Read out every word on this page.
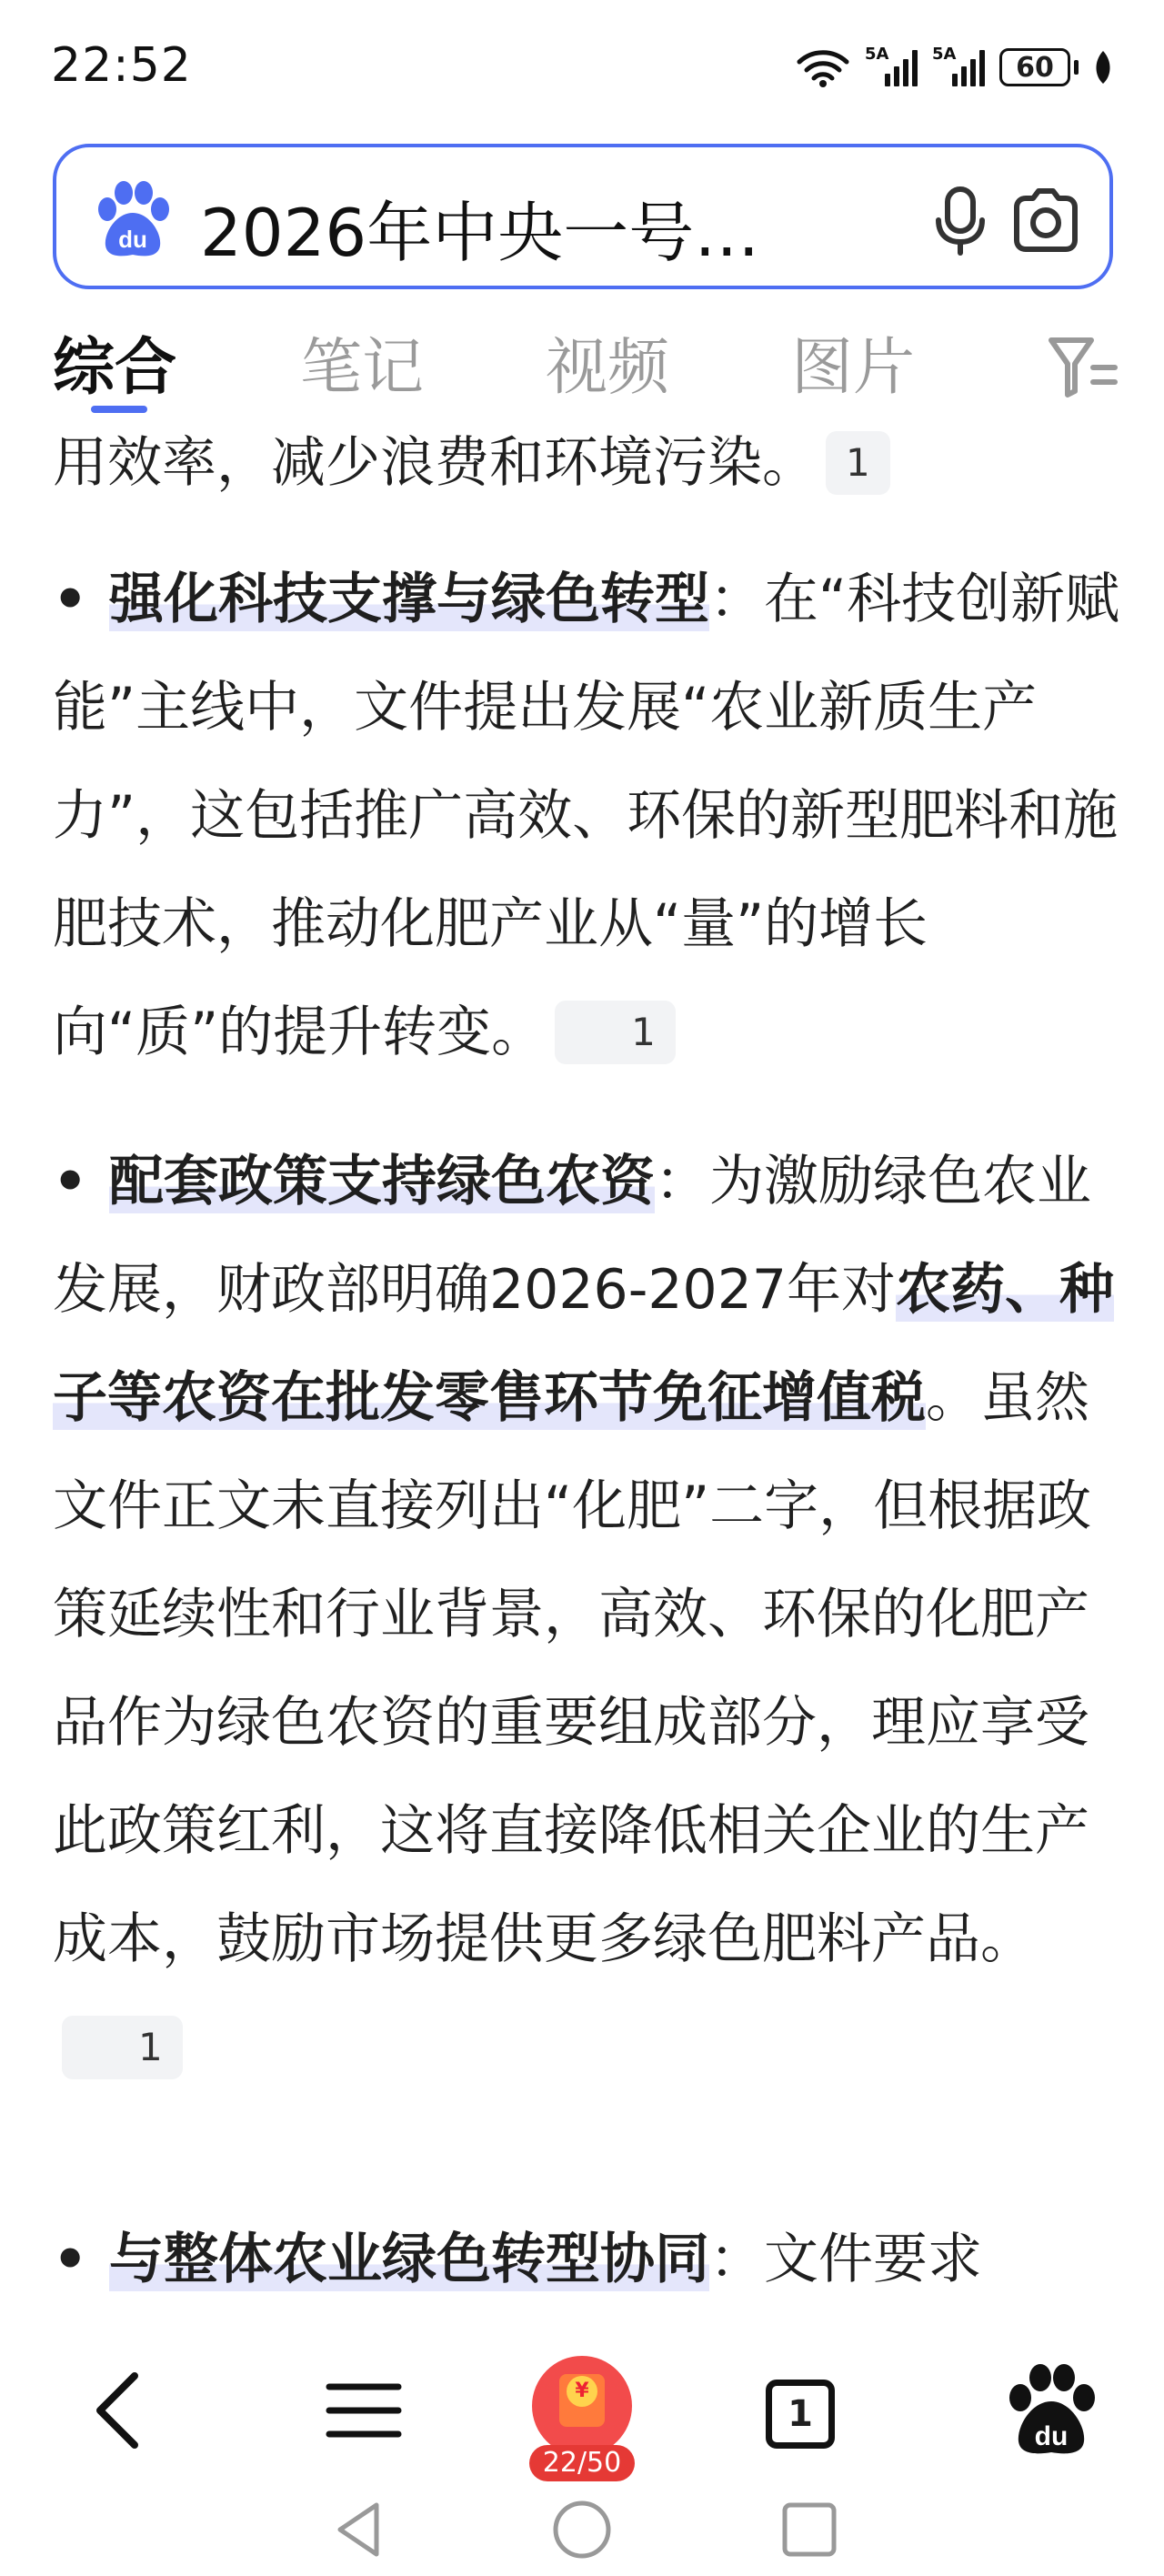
22:52	5A	5A	60
du 2026年中央一号…
综合 笔记 视频 图片
用效率，减少浪费和环境污染。 1
• 强化科技支撑与绿色转型：在“科技创新赋能”主线中，文件提出发展“农业新质生产力”，这包括推广高效、环保的新型肥料和施肥技术，推动化肥产业从“量”的增长向“质”的提升转变。 1
• 配套政策支持绿色农资：为激励绿色农业发展，财政部明确2026-2027年对农药、种子等农资在批发零售环节免征增值税。虽然文件正文未直接列出“化肥”二字，但根据政策延续性和行业背景，高效、环保的化肥产品作为绿色农资的重要组成部分，理应享受此政策红利，这将直接降低相关企业的生产成本，鼓励市场提供更多绿色肥料产品。1
• 与整体农业绿色转型协同：文件要求
¥
22/50
1
du
